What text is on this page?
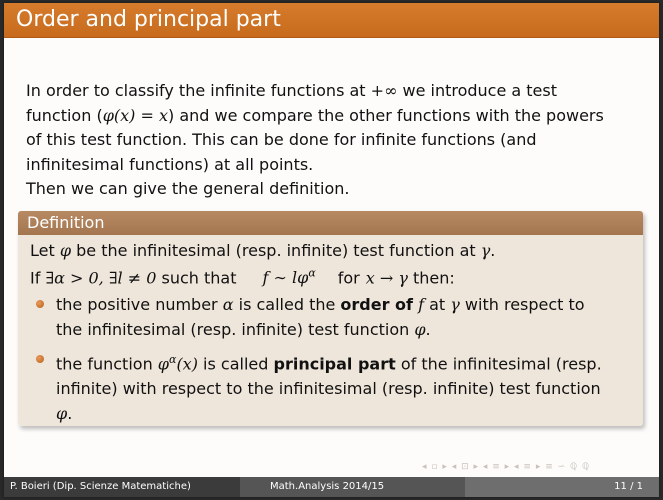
Order and principal part

In order to classify the infinite functions at +∞ we introduce a test

function (φ(x) = x) and we compare the other functions with the powers

of this test function. This can be done for infinite functions (and

infinitesimal functions) at all points.

Then we can give the general definition.

Definition
Let φ be the infinitesimal (resp. infinite) test function at γ.
If ∃α > 0, ∃l ≠ 0 such that f ∼ $l\varphi^\alpha$ for x → γ then:
the positive number α is called the order of f at γ with respect to
the infinitesimal (resp. infinite) test function φ.
the function $\varphi^\alpha(x)$ is called principal part of the infinitesimal (resp.
infinite) with respect to the infinitesimal (resp. infinite) test function
φ.
◂ ▫ ▸ ◂ ⊡ ▸ ◂ ≡ ▸ ◂ ≡ ▸ ≡ ∽ ℚ ℚ
P. Boieri (Dip. Scienze Matematiche)	Math.Analysis 2014/15	11 / 1
